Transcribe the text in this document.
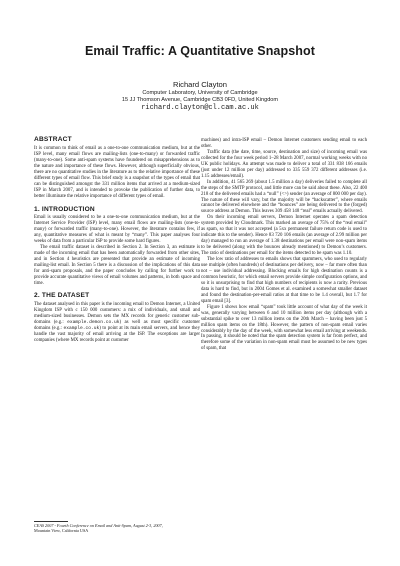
Email Traffic: A Quantitative Snapshot
Richard Clayton
Computer Laboratory, University of Cambridge
15 JJ Thomson Avenue, Cambridge CB3 0FD, United Kingdom
richard.clayton@cl.cam.ac.uk
ABSTRACT

It is common to think of email as a one-to-one communication medium, but at the ISP level, many email flows are mailing-lists (one-to-many) or forwarded traffic (many-to-one). Some anti-spam systems have foundered on misapprehensions as to the nature and importance of these flows. However, although superficially obvious, there are no quantitative studies in the literature as to the relative importance of these different types of email flow. This brief study is a snapshot of the types of email that can be distinguished amongst the 331 million items that arrived at a medium-sized ISP in March 2007, and is intended to provoke the publication of further data, to better illuminate the relative importance of different types of email.

1. INTRODUCTION

Email is usually considered to be a one-to-one communication medium, but at the Internet Service Provider (ISP) level, many email flows are mailing-lists (one-to-many) or forwarded traffic (many-to-one). However, the literature contains few, if any, quantitative measures of what is meant by “many”. This paper analyses four weeks of data from a particular ISP to provide some hard figures.

The email traffic dataset is described in Section 2. In Section 3, an estimate is made of the incoming email that has been automatically forwarded from other sites, and in Section 4 heuristics are presented that provide an estimate of incoming mailing-list email. In Section 5 there is a discussion of the implications of this data for anti-spam proposals, and the paper concludes by calling for further work to provide accurate quantitative views of email volumes and patterns, in both space and time.

2. THE DATASET

The dataset analysed in this paper is the incoming email to Demon Internet, a United Kingdom ISP with c 150 000 customers: a mix of individuals, and small and medium-sized businesses. Demon sets the MX records for generic customer sub-domains (e.g.: example.demon.co.uk) as well as most specific customer domains (e.g.: example.co.uk) to point at its main email servers, and hence they handle the vast majority of email arriving at the ISP. The exceptions are larger companies (where MX records point at customer

machines) and intra-ISP email – Demon Internet customers sending email to each other.

Traffic data (the date, time, source, destination and size) of incoming email was collected for the four week period 1–28 March 2007, normal working weeks with no UK public holidays. An attempt was made to deliver a total of 331 838 166 emails (just under 12 million per day) addressed to 335 559 372 different addresses (i.e. 1.15 addresses/email).

In addition, 41 565 269 (about 1.5 million a day) deliveries failed to complete all the steps of the SMTP protocol, and little more can be said about these. Also, 22 400 218 of the delivered emails had a “null” (<>) sender (an average of 800 000 per day). The nature of these will vary, but the majority will be “backscatter”, where emails cannot be delivered elsewhere and the “bounces” are being delivered to the (forged) source address at Demon. This leaves 309 458 148 “real” emails actually delivered.

On their incoming email servers, Demon Internet operates a spam detection system provided by Cloudmark. This marked an average of 75% of the “real email” as spam, so that it was not accepted (a 5xx permanent failure return code is used to indicate this to the sender). Hence 83 720 106 emails (an average of 2.99 million per day) managed to run an average of 1.38 destinations per email were non-spam items to be delivered (along with the bounces already mentioned) to Demon’s customers. The ratio of destinations per email for the items detected to be spam was 1.10.

The low ratio of addresses to emails shows that spammers, who used to regularly use multiple (often hundreds) of destinations per delivery, now – far more often than not – use individual addressing. Blocking emails for high destination counts is a common heuristic, for which email servers provide simple configuration options, and so it is unsurprising to find that high numbers of recipients is now a rarity. Previous data is hard to find, but in 2004 Gomes et al. examined a somewhat smaller dataset and found the destination-per-email ratios at that time to be 1.4 overall, but 1.7 for spam email [3].

Figure 1 shows how email “spam” took little account of what day of the week it was, generally varying between 6 and 10 million items per day (although with a substantial spike to over 13 million items on the 20th March – having been just 5 million spam items on the 18th). However, the pattern of non-spam email varies considerably by the day of the week, with somewhat less email arriving at weekends. In passing, it should be noted that the spam detection system is far from perfect, and therefore some of the variation in non-spam email must be assumed to be new types of spam, that

CEAS 2007 - Fourth Conference on Email and Anti-Spam, August 2-3, 2007,
Mountain View, California USA
